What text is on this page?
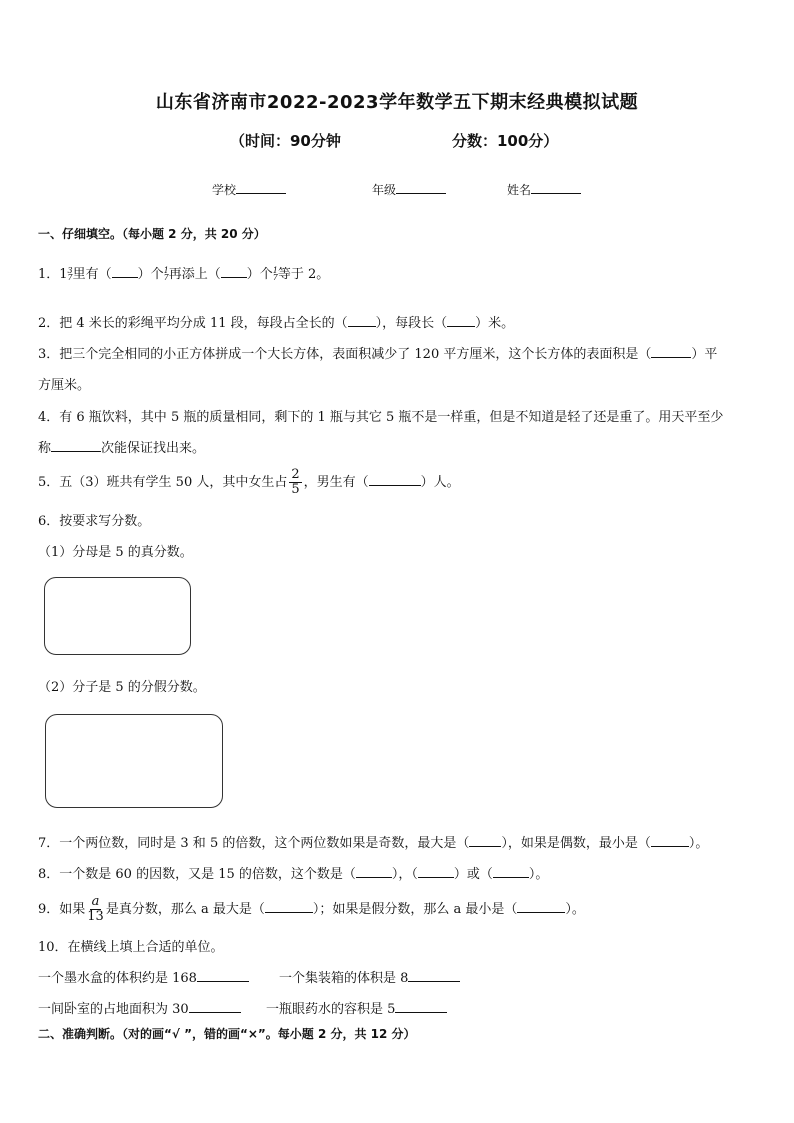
山东省济南市2022-2023学年数学五下期末经典模拟试题
（时间：90分钟	分数：100分）
学校	年级	姓名
一、仔细填空。（每小题 2 分，共 20 分）
1．1 3
7 里有（ ）个 1
7 再添上（ ）个 1
7 等于 2。
2．把 4 米长的彩绳平均分成 11 段，每段占全长的（ ），每段长（ ）米。
3．把三个完全相同的小正方体拼成一个大长方体，表面积减少了 120 平方厘米，这个长方体的表面积是（	）平
方厘米。
4．有 6 瓶饮料，其中 5 瓶的质量相同，剩下的 1 瓶与其它 5 瓶不是一样重，但是不知道是轻了还是重了。用天平至少
称	次能保证找出来。
5．五（3）班共有学生 50 人，其中女生占 $\frac{2}{5}$ ，男生有（	）人。
6．按要求写分数。
（1）分母是 5 的真分数。
（2）分子是 5 的分假分数。
7．一个两位数，同时是 3 和 5 的倍数，这个两位数如果是奇数，最大是（ ），如果是偶数，最小是（	）。
8．一个数是 60 的因数，又是 15 的倍数，这个数是（	），（	）或（	）。
9．如果 $\frac{a}{13}$ 是真分数，那么 a 最大是（	）；如果是假分数，那么 a 最小是（	）。
10．在横线上填上合适的单位。
一个墨水盒的体积约是 168	一个集装箱的体积是 8
一间卧室的占地面积为 30	一瓶眼药水的容积是 5
二、准确判断。（对的画“√ ”，错的画“×”。每小题 2 分，共 12 分）
